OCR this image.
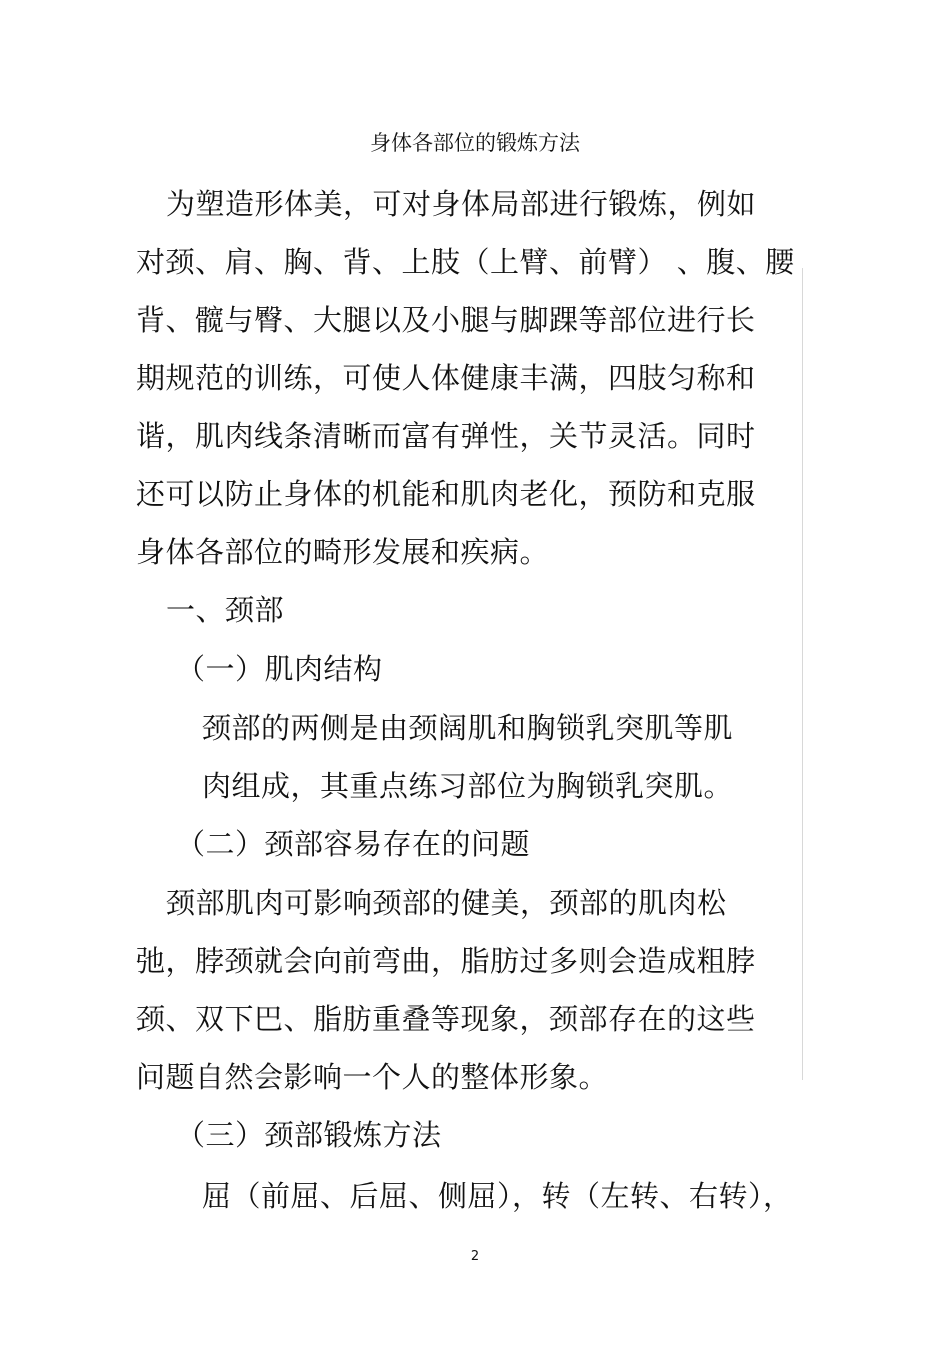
身体各部位的锻炼方法
为塑造形体美，可对身体局部进行锻炼，例如
对颈、肩、胸、背、上肢（上臂、前臂） 、腹、腰
背、髋与臀、大腿以及小腿与脚踝等部位进行长
期规范的训练，可使人体健康丰满，四肢匀称和
谐，肌肉线条清晰而富有弹性，关节灵活。同时
还可以防止身体的机能和肌肉老化，预防和克服
身体各部位的畸形发展和疾病。
一、颈部
（一）肌肉结构
颈部的两侧是由颈阔肌和胸锁乳突肌等肌
肉组成，其重点练习部位为胸锁乳突肌。
（二）颈部容易存在的问题
颈部肌肉可影响颈部的健美，颈部的肌肉松
弛，脖颈就会向前弯曲，脂肪过多则会造成粗脖
颈、双下巴、脂肪重叠等现象，颈部存在的这些
问题自然会影响一个人的整体形象。
（三）颈部锻炼方法
屈（前屈、后屈、侧屈），转（左转、右转），
2
